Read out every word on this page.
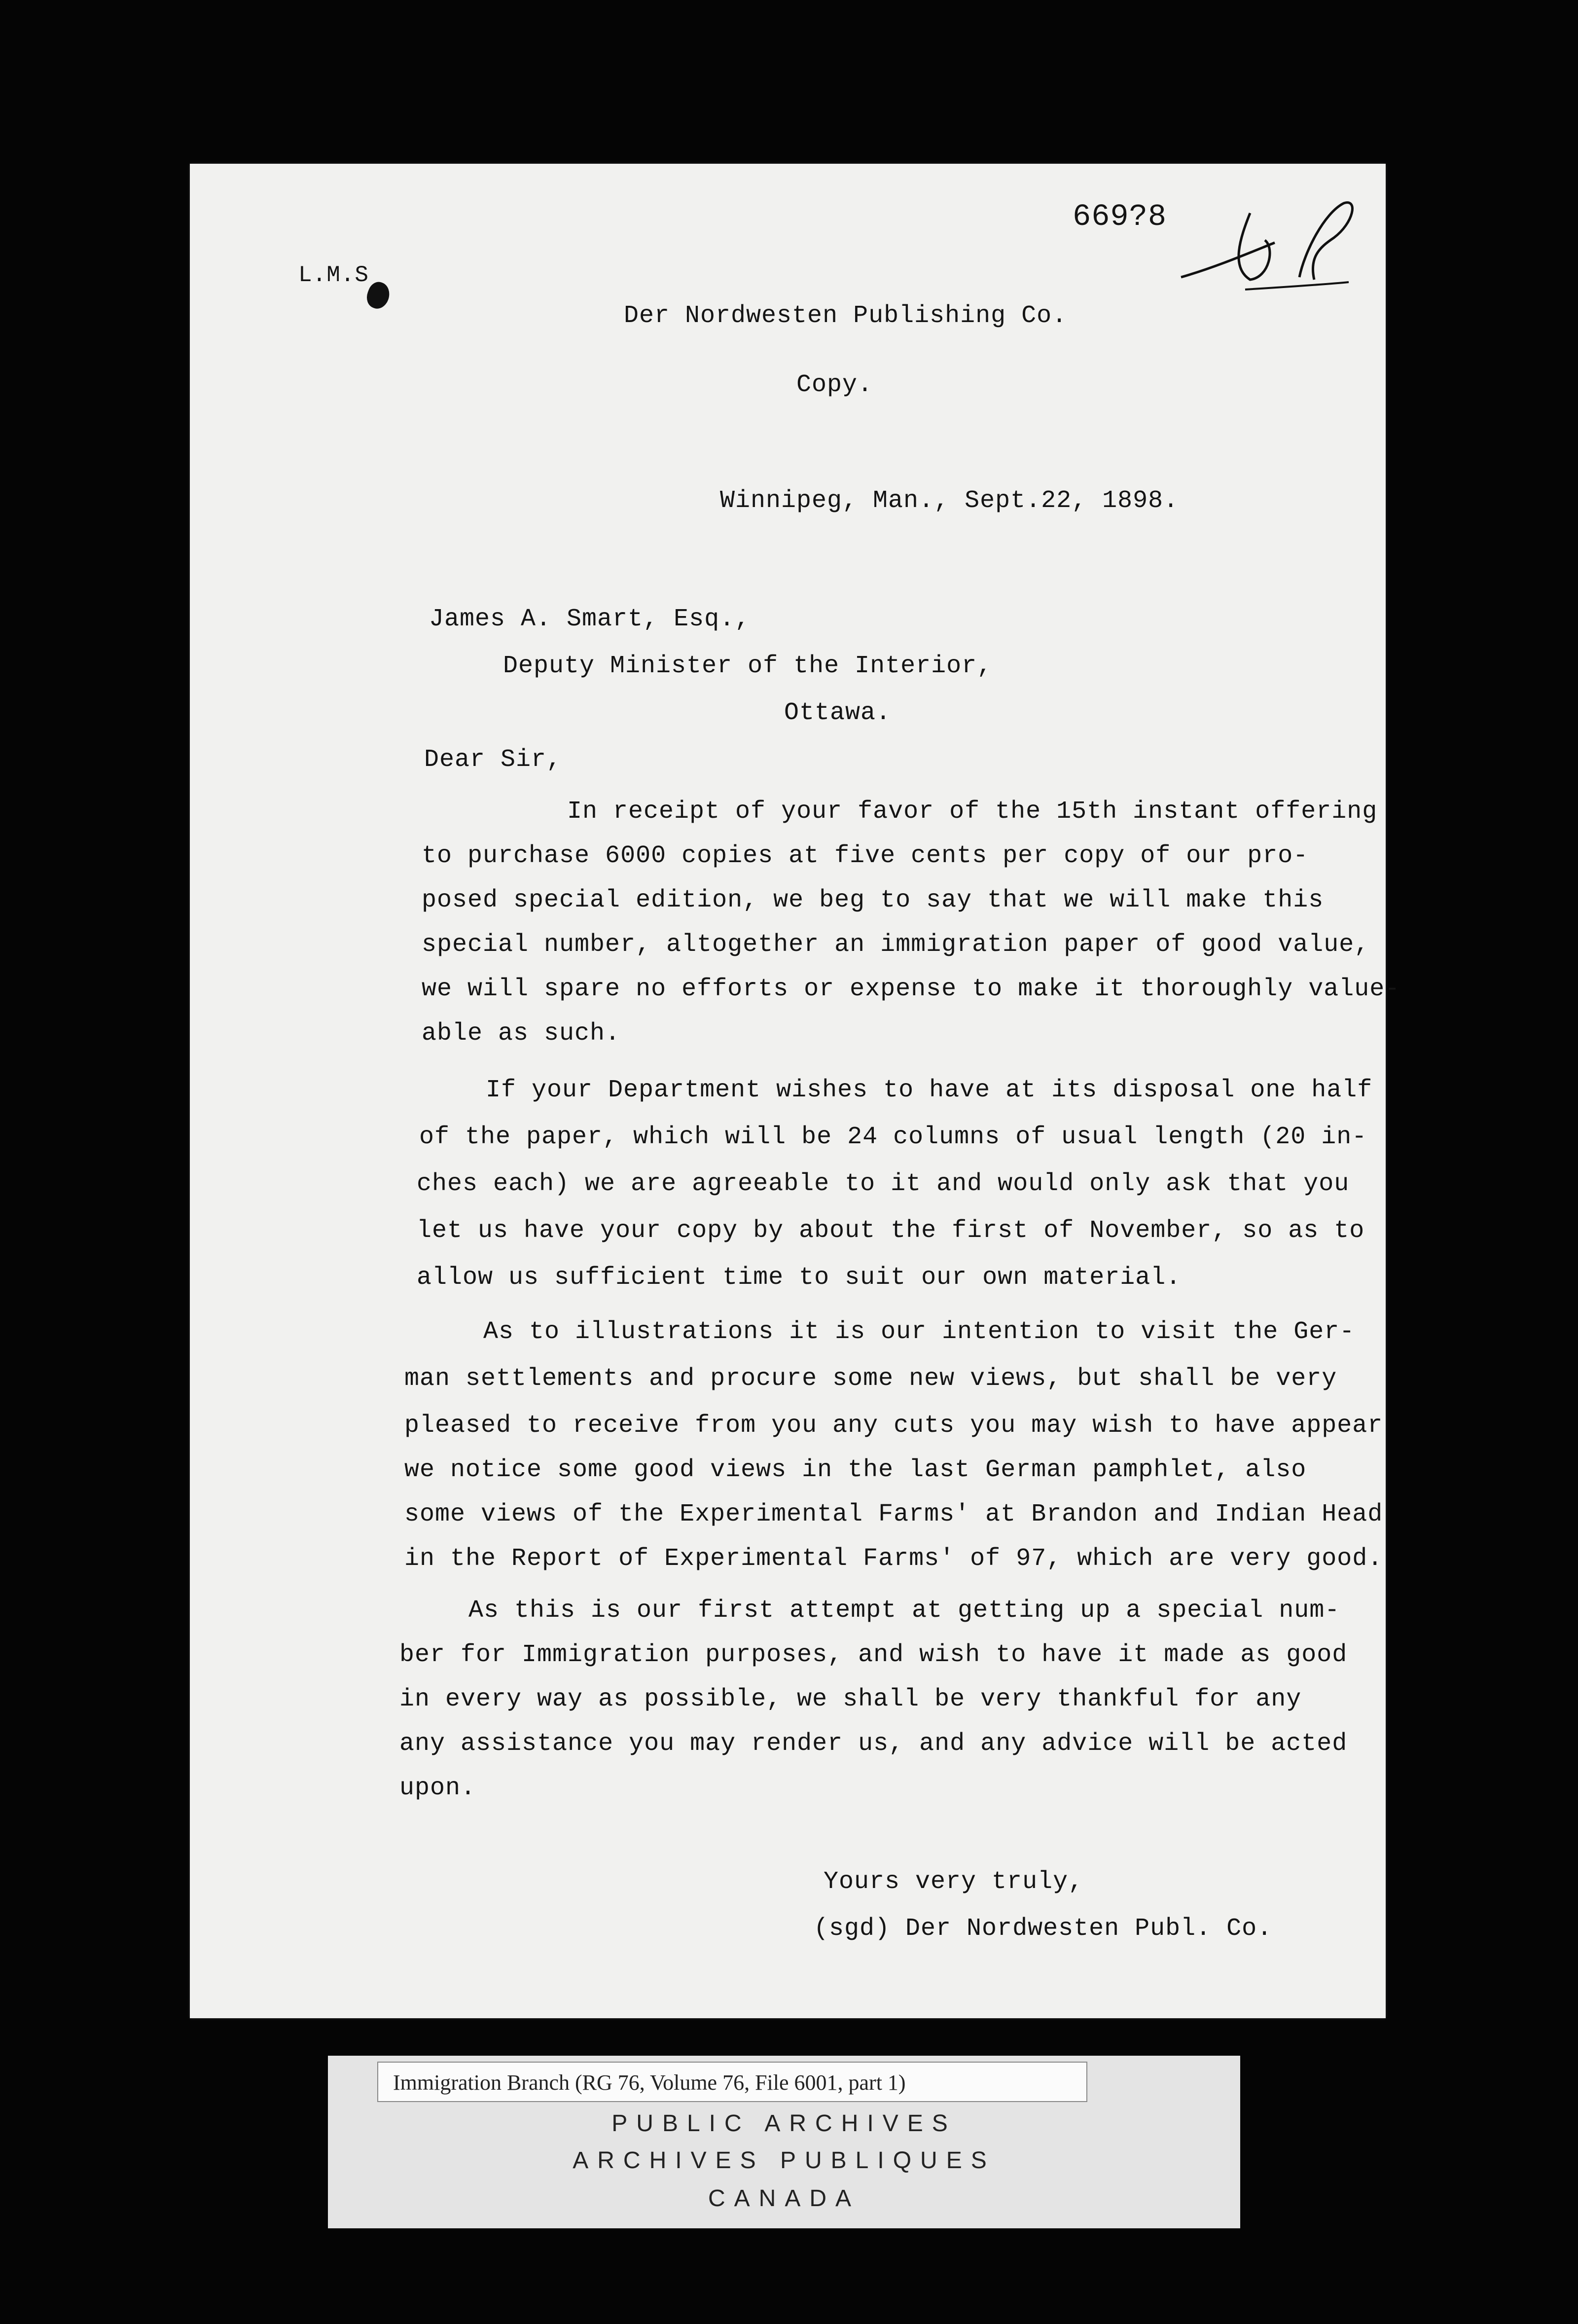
669?8
L.M.S
Der Nordwesten Publishing Co.
Copy.
Winnipeg, Man., Sept.22, 1898.
James A. Smart, Esq.,
Deputy Minister of the Interior,
Ottawa.
Dear Sir,
In receipt of your favor of the 15th instant offering
to purchase 6000 copies at five cents per copy of our pro-
posed special edition, we beg to say that we will make this
special number, altogether an immigration paper of good value,
we will spare no efforts or expense to make it thoroughly value-
able as such.
If your Department wishes to have at its disposal one half
of the paper, which will be 24 columns of usual length (20 in-
ches each) we are agreeable to it and would only ask that you
let us have your copy by about the first of November, so as to
allow us sufficient time to suit our own material.
As to illustrations it is our intention to visit the Ger-
man settlements and procure some new views, but shall be very
pleased to receive from you any cuts you may wish to have appear
we notice some good views in the last German pamphlet, also
some views of the Experimental Farms' at Brandon and Indian Head
in the Report of Experimental Farms' of 97, which are very good.
As this is our first attempt at getting up a special num-
ber for Immigration purposes, and wish to have it made as good
in every way as possible, we shall be very thankful for any
any assistance you may render us, and any advice will be acted
upon.
Yours very truly,
(sgd) Der Nordwesten Publ. Co.
Immigration Branch (RG 76, Volume 76, File 6001, part 1)
PUBLIC ARCHIVES
ARCHIVES PUBLIQUES
CANADA
